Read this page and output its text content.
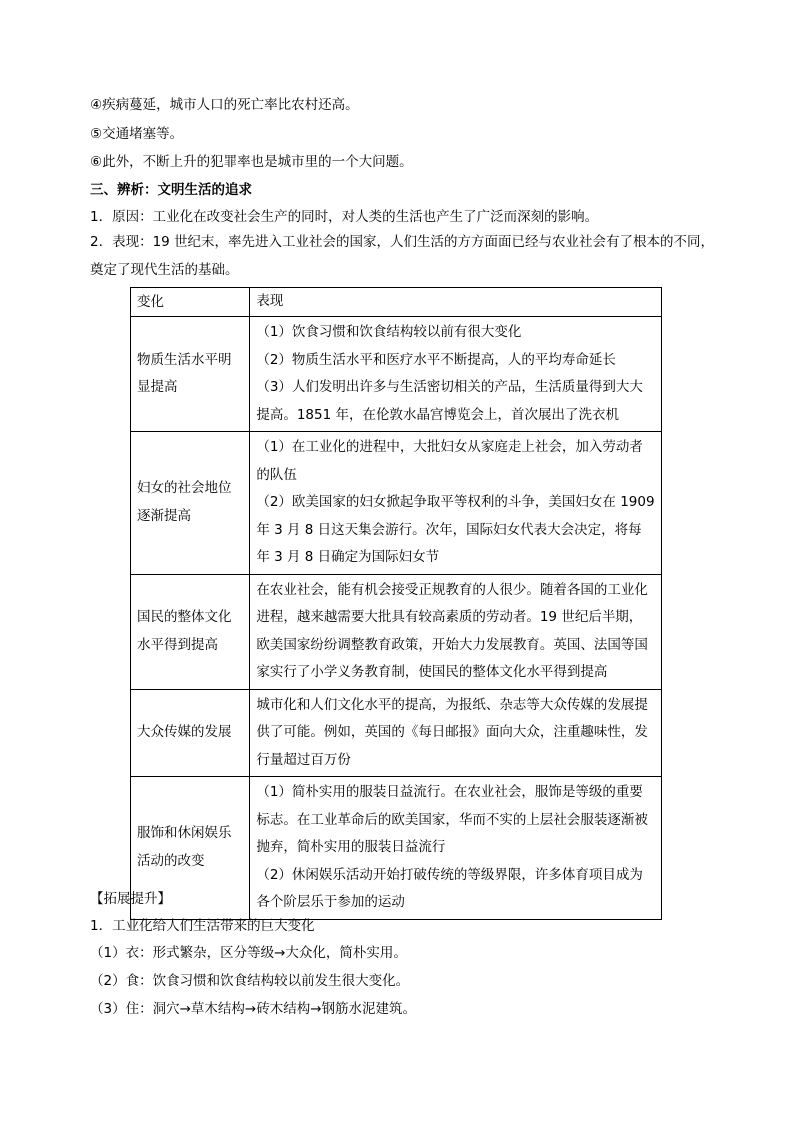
④疾病蔓延，城市人口的死亡率比农村还高。
⑤交通堵塞等。
⑥此外，不断上升的犯罪率也是城市里的一个大问题。
三、辨析：文明生活的追求
1．原因：工业化在改变社会生产的同时，对人类的生活也产生了广泛而深刻的影响。
2．表现：19 世纪末，率先进入工业社会的国家，人们生活的方方面面已经与农业社会有了根本的不同，奠定了现代生活的基础。
变化	表现
物质生活水平明显提高	（1）饮食习惯和饮食结构较以前有很大变化
（2）物质生活水平和医疗水平不断提高，人的平均寿命延长
（3）人们发明出许多与生活密切相关的产品，生活质量得到大大提高。1851 年，在伦敦水晶宫博览会上，首次展出了洗衣机

妇女的社会地位逐渐提高	（1）在工业化的进程中，大批妇女从家庭走上社会，加入劳动者的队伍
（2）欧美国家的妇女掀起争取平等权利的斗争，美国妇女在 1909 年 3 月 8 日这天集会游行。次年，国际妇女代表大会决定，将每年 3 月 8 日确定为国际妇女节

国民的整体文化水平得到提高	在农业社会，能有机会接受正规教育的人很少。随着各国的工业化进程，越来越需要大批具有较高素质的劳动者。19 世纪后半期，欧美国家纷纷调整教育政策，开始大力发展教育。英国、法国等国家实行了小学义务教育制，使国民的整体文化水平得到提高

大众传媒的发展	城市化和人们文化水平的提高，为报纸、杂志等大众传媒的发展提供了可能。例如，英国的《每日邮报》面向大众，注重趣味性，发行量超过百万份

服饰和休闲娱乐活动的改变	（1）简朴实用的服装日益流行。在农业社会，服饰是等级的重要标志。在工业革命后的欧美国家，华而不实的上层社会服装逐渐被抛弃，简朴实用的服装日益流行
（2）休闲娱乐活动开始打破传统的等级界限，许多体育项目成为各个阶层乐于参加的运动
【拓展提升】
1．工业化给人们生活带来的巨大变化
（1）衣：形式繁杂，区分等级→大众化，简朴实用。
（2）食：饮食习惯和饮食结构较以前发生很大变化。
（3）住：洞穴→草木结构→砖木结构→钢筋水泥建筑。
